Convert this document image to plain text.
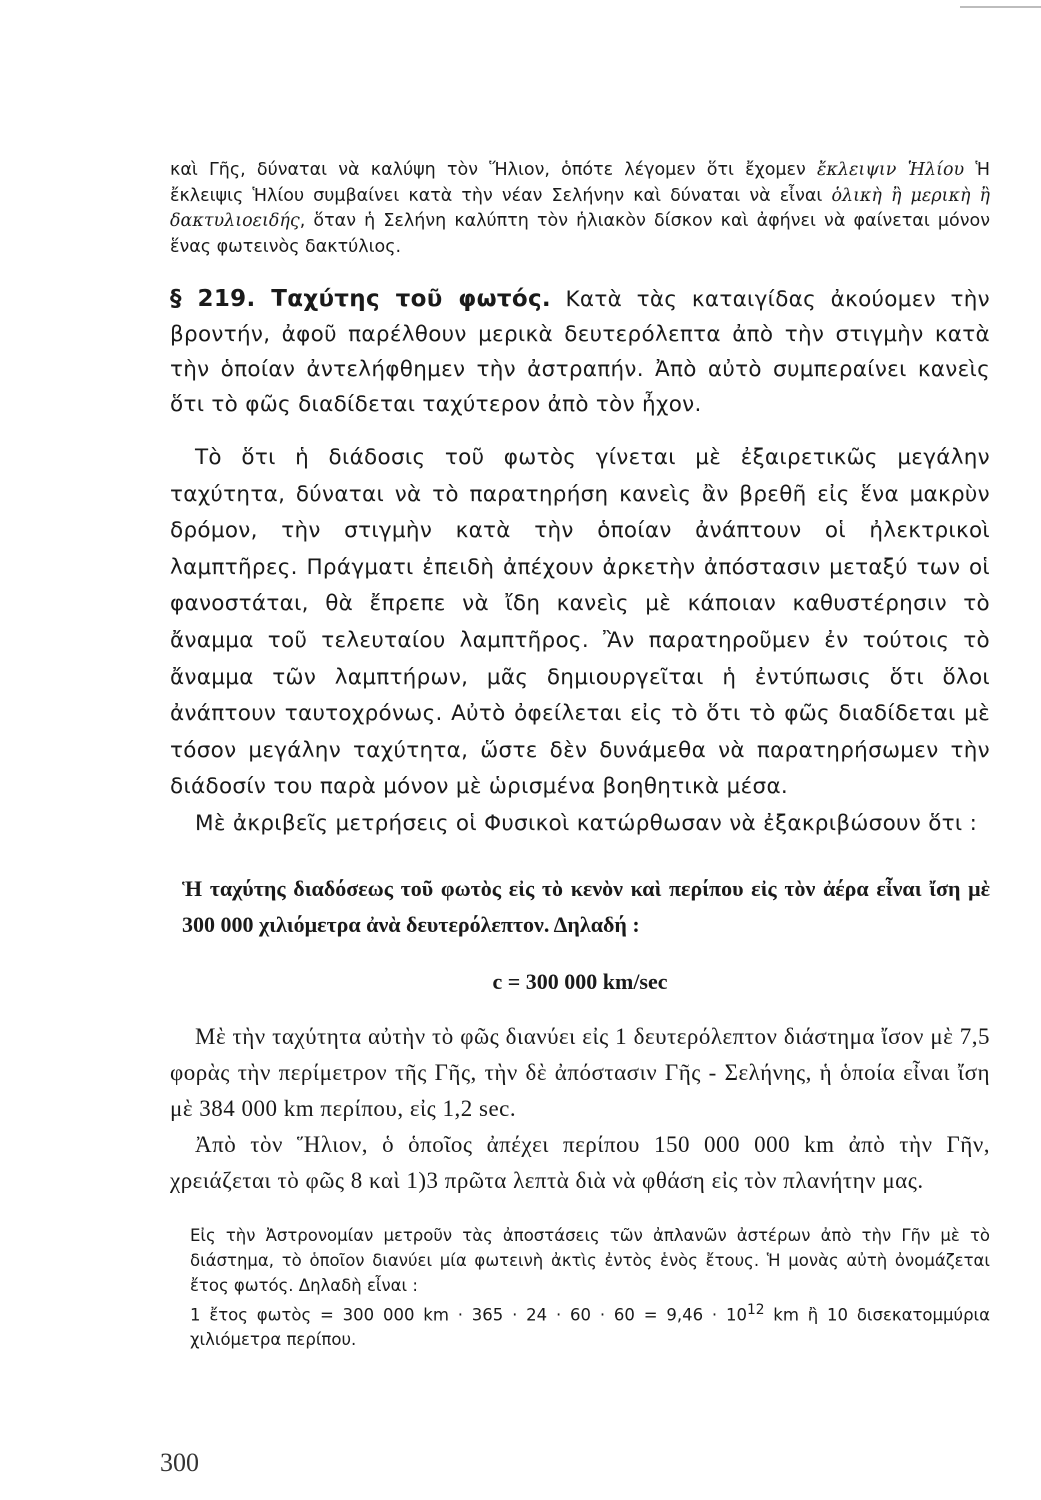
καὶ Γῆς, δύναται νὰ καλύψη τὸν Ἥλιον, ὁπότε λέγομεν ὅτι ἔχομεν ἔκλειψιν Ἡλίου Ἡ ἔκλειψις Ἡλίου συμβαίνει κατὰ τὴν νέαν Σελήνην καὶ δύναται νὰ εἶναι ὁλικὴ ἢ μερικὴ ἢ δακτυλιοειδής, ὅταν ἡ Σελήνη καλύπτη τὸν ἡλιακὸν δίσκον καὶ ἀφήνει νὰ φαίνεται μόνον ἕνας φωτεινὸς δακτύλιος.

§ 219. Ταχύτης τοῦ φωτός. Κατὰ τὰς καταιγίδας ἀκούομεν τὴν βροντήν, ἀφοῦ παρέλθουν μερικὰ δευτερόλεπτα ἀπὸ τὴν στιγμὴν κατὰ τὴν ὁποίαν ἀντελήφθημεν τὴν ἀστραπήν. Ἀπὸ αὐτὸ συμπεραίνει κανεὶς ὅτι τὸ φῶς διαδίδεται ταχύτερον ἀπὸ τὸν ἦχον.

Τὸ ὅτι ἡ διάδοσις τοῦ φωτὸς γίνεται μὲ ἐξαιρετικῶς μεγάλην ταχύτητα, δύναται νὰ τὸ παρατηρήση κανεὶς ἂν βρεθῆ εἰς ἕνα μακρὺν δρόμον, τὴν στιγμὴν κατὰ τὴν ὁποίαν ἀνάπτουν οἱ ἠλεκτρικοὶ λαμπτῆρες. Πράγματι ἐπειδὴ ἀπέχουν ἀρκετὴν ἀπόστασιν μεταξύ των οἱ φανοστάται, θὰ ἔπρεπε νὰ ἴδη κανεὶς μὲ κάποιαν καθυστέρησιν τὸ ἄναμμα τοῦ τελευταίου λαμπτῆρος. Ἂν παρατηροῦμεν ἐν τούτοις τὸ ἄναμμα τῶν λαμπτήρων, μᾶς δημιουργεῖται ἡ ἐντύπωσις ὅτι ὅλοι ἀνάπτουν ταυτοχρόνως. Αὐτὸ ὀφείλεται εἰς τὸ ὅτι τὸ φῶς διαδίδεται μὲ τόσον μεγάλην ταχύτητα, ὥστε δὲν δυνάμεθα νὰ παρατηρήσωμεν τὴν διάδοσίν του παρὰ μόνον μὲ ὡρισμένα βοηθητικὰ μέσα.

Μὲ ἀκριβεῖς μετρήσεις οἱ Φυσικοὶ κατώρθωσαν νὰ ἐξακριβώσουν ὅτι :

Ἡ ταχύτης διαδόσεως τοῦ φωτὸς εἰς τὸ κενὸν καὶ περίπου εἰς τὸν ἀέρα εἶναι ἴση μὲ 300 000 χιλιόμετρα ἀνὰ δευτερόλεπτον. Δηλαδή :

c = 300 000 km/sec

Μὲ τὴν ταχύτητα αὐτὴν τὸ φῶς διανύει εἰς 1 δευτερόλεπτον διάστημα ἴσον μὲ 7,5 φορὰς τὴν περίμετρον τῆς Γῆς, τὴν δὲ ἀπόστασιν Γῆς - Σελήνης, ἡ ὁποία εἶναι ἴση μὲ 384 000 km περίπου, εἰς 1,2 sec.

Ἀπὸ τὸν Ἥλιον, ὁ ὁποῖος ἀπέχει περίπου 150 000 000 km ἀπὸ τὴν Γῆν, χρειάζεται τὸ φῶς 8 καὶ 1)3 πρῶτα λεπτὰ διὰ νὰ φθάση εἰς τὸν πλανήτην μας.

Εἰς τὴν Ἀστρονομίαν μετροῦν τὰς ἀποστάσεις τῶν ἀπλανῶν ἀστέρων ἀπὸ τὴν Γῆν μὲ τὸ διάστημα, τὸ ὁποῖον διανύει μία φωτεινὴ ἀκτὶς ἐντὸς ἑνὸς ἔτους. Ἡ μονὰς αὐτὴ ὀνομάζεται ἔτος φωτός. Δηλαδὴ εἶναι :
1 ἔτος φωτὸς = 300 000 km · $365 \cdot 24 \cdot 60 \cdot 60 = 9,46 \cdot 10^{12}$ km ἢ 10 δισεκατομμύρια χιλιόμετρα περίπου.

300
